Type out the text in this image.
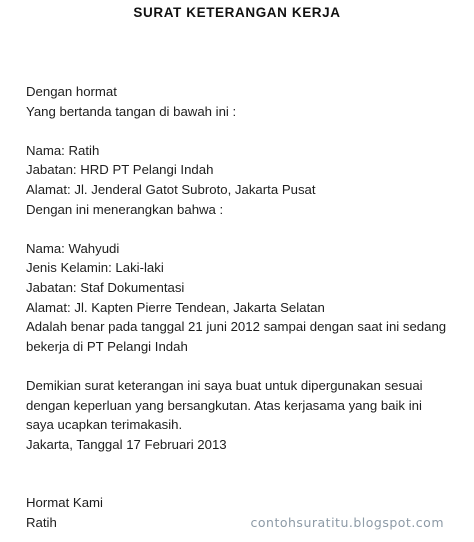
SURAT KETERANGAN KERJA
Dengan hormat
Yang bertanda tangan di bawah ini :
Nama: Ratih
Jabatan: HRD PT Pelangi Indah
Alamat: Jl. Jenderal Gatot Subroto, Jakarta Pusat
Dengan ini menerangkan bahwa :
Nama: Wahyudi
Jenis Kelamin: Laki-laki
Jabatan: Staf Dokumentasi
Alamat: Jl. Kapten Pierre Tendean, Jakarta Selatan
Adalah benar pada tanggal 21 juni 2012 sampai dengan saat ini sedang
bekerja di PT Pelangi Indah
Demikian surat keterangan ini saya buat untuk dipergunakan sesuai
dengan keperluan yang bersangkutan. Atas kerjasama yang baik ini
saya ucapkan terimakasih.
Jakarta, Tanggal 17 Februari 2013
Hormat Kami
Ratih	contohsuratitu.blogspot.com
